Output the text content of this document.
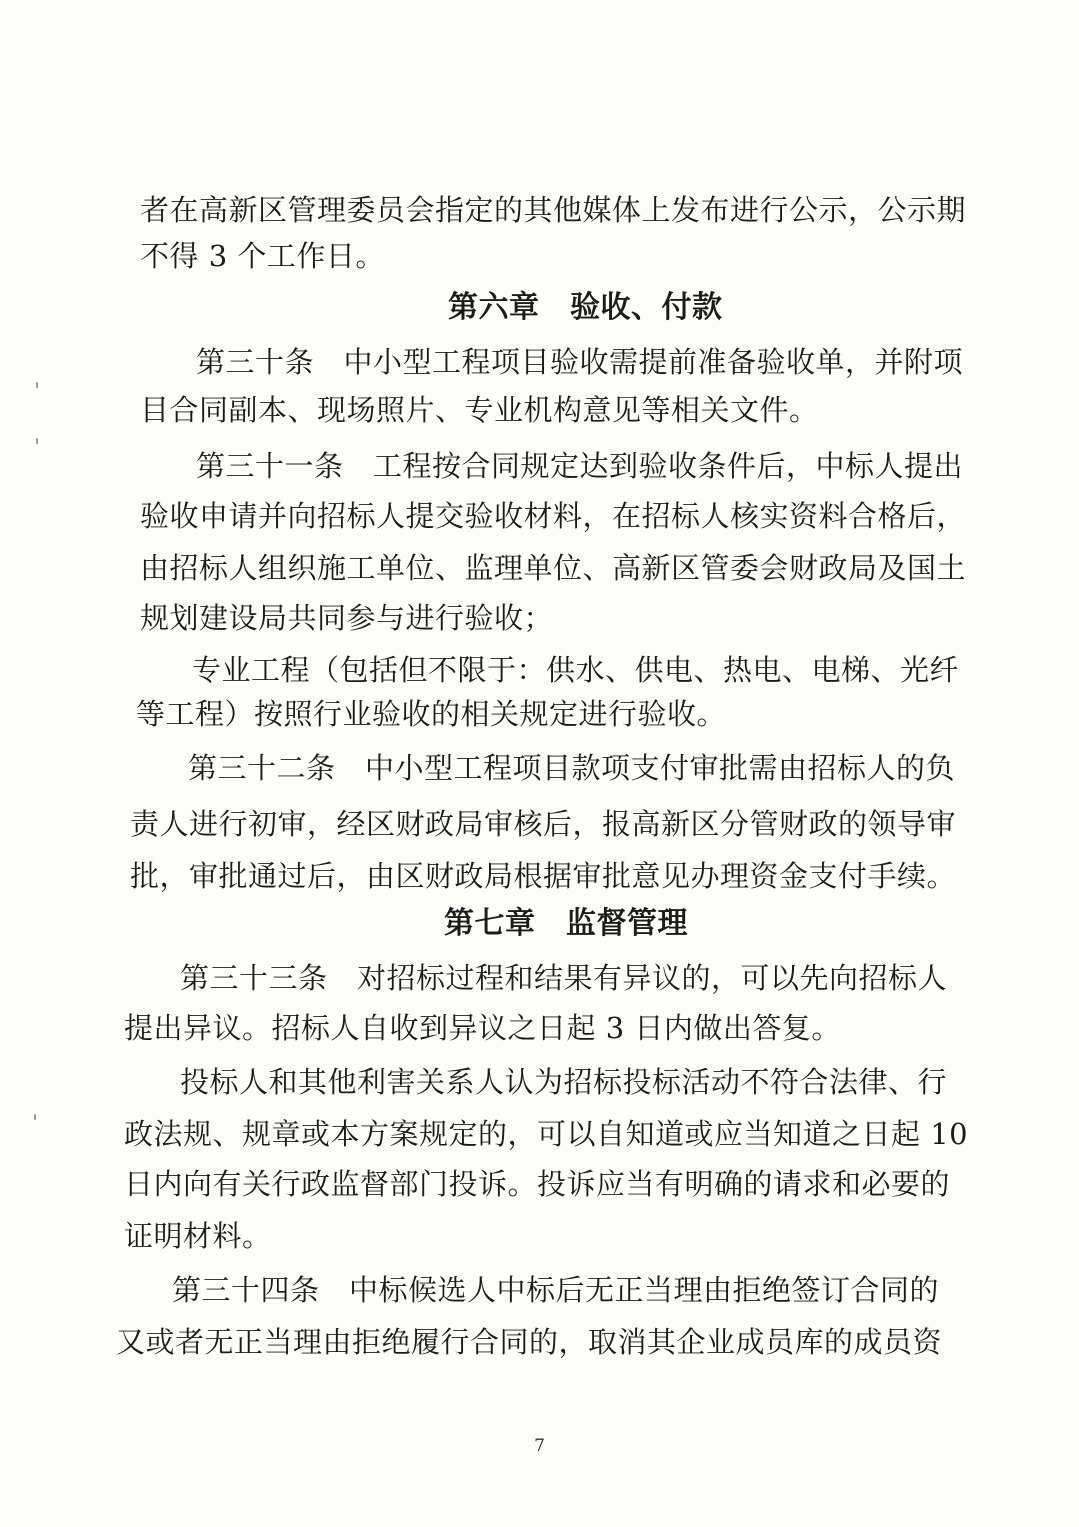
者在高新区管理委员会指定的其他媒体上发布进行公示，公示期
不得 3 个工作日。
第六章　验收、付款
第三十条　中小型工程项目验收需提前准备验收单，并附项
目合同副本、现场照片、专业机构意见等相关文件。
第三十一条　工程按合同规定达到验收条件后，中标人提出
验收申请并向招标人提交验收材料，在招标人核实资料合格后，
由招标人组织施工单位、监理单位、高新区管委会财政局及国土
规划建设局共同参与进行验收；
专业工程（包括但不限于：供水、供电、热电、电梯、光纤
等工程）按照行业验收的相关规定进行验收。
第三十二条　中小型工程项目款项支付审批需由招标人的负
责人进行初审，经区财政局审核后，报高新区分管财政的领导审
批，审批通过后，由区财政局根据审批意见办理资金支付手续。
第七章　监督管理
第三十三条　对招标过程和结果有异议的，可以先向招标人
提出异议。招标人自收到异议之日起 3 日内做出答复。
投标人和其他利害关系人认为招标投标活动不符合法律、行
政法规、规章或本方案规定的，可以自知道或应当知道之日起 10
日内向有关行政监督部门投诉。投诉应当有明确的请求和必要的
证明材料。
第三十四条　中标候选人中标后无正当理由拒绝签订合同的
又或者无正当理由拒绝履行合同的，取消其企业成员库的成员资
7
